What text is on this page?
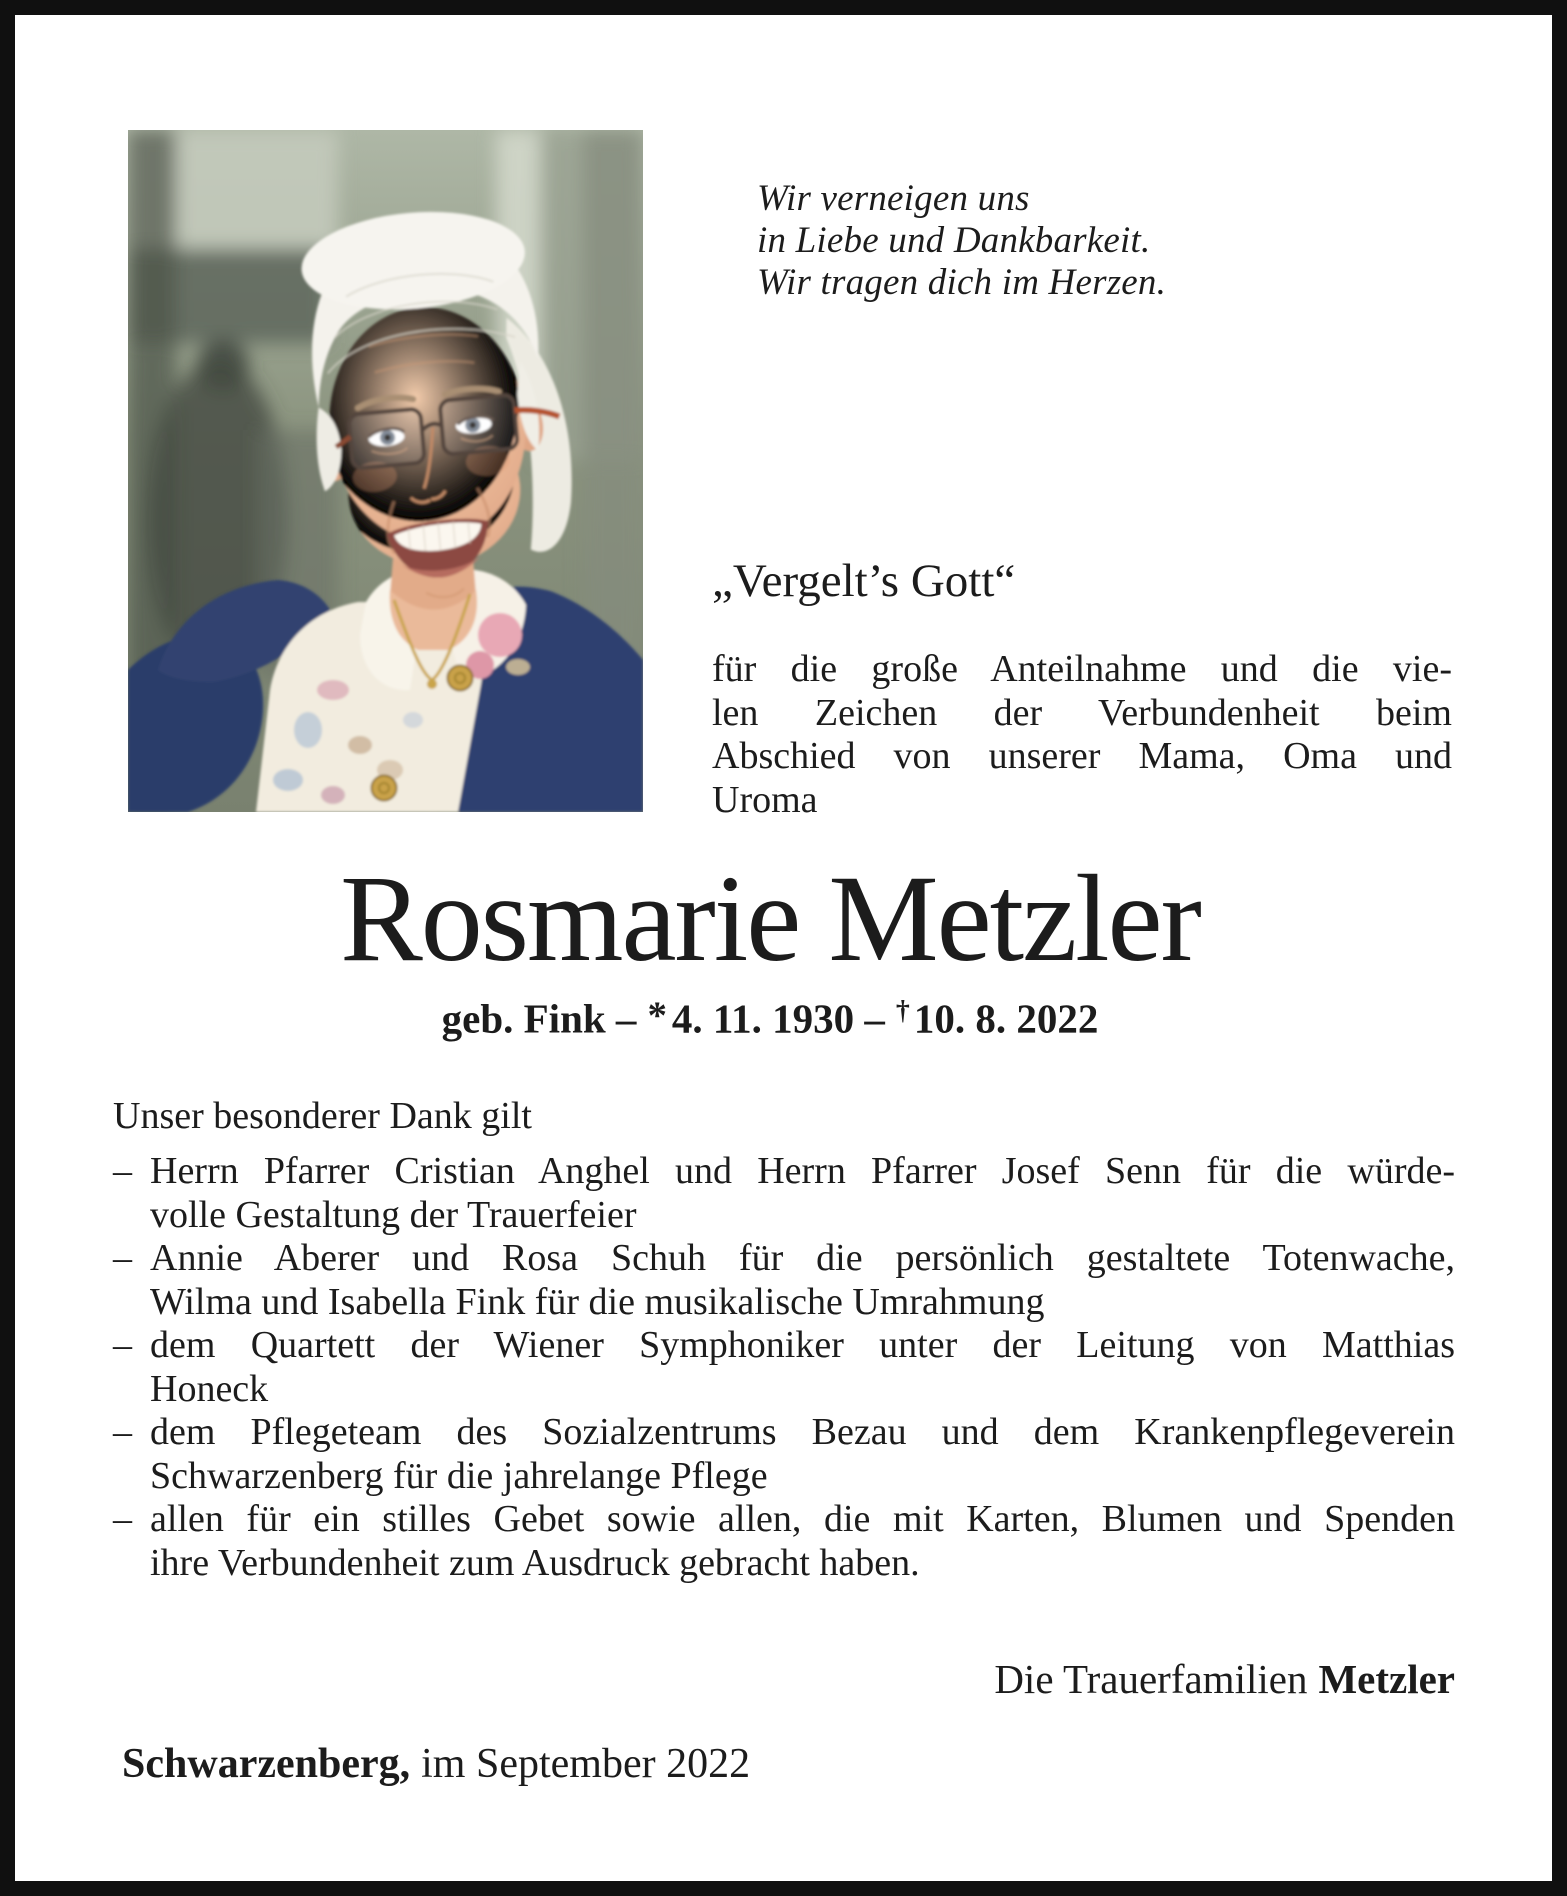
Wir verneigen uns
in Liebe und Dankbarkeit.
Wir tragen dich im Herzen.
„Vergelt’s Gott“
für die große Anteilnahme und die vie-
len Zeichen der Verbundenheit beim
Abschied von unserer Mama, Oma und
Uroma
Rosmarie Metzler
geb. Fink – * 4. 11. 1930 – †10. 8. 2022
Unser besonderer Dank gilt
– Herrn Pfarrer Cristian Anghel und Herrn Pfarrer Josef Senn für die würde-
volle Gestaltung der Trauerfeier
– Annie Aberer und Rosa Schuh für die persönlich gestaltete Totenwache,
Wilma und Isabella Fink für die musikalische Umrahmung
– dem Quartett der Wiener Symphoniker unter der Leitung von Matthias
Honeck
– dem Pflegeteam des Sozialzentrums Bezau und dem Krankenpflegeverein
Schwarzenberg für die jahrelange Pflege
– allen für ein stilles Gebet sowie allen, die mit Karten, Blumen und Spenden
ihre Verbundenheit zum Ausdruck gebracht haben.
Die Trauerfamilien Metzler
Schwarzenberg, im September 2022
